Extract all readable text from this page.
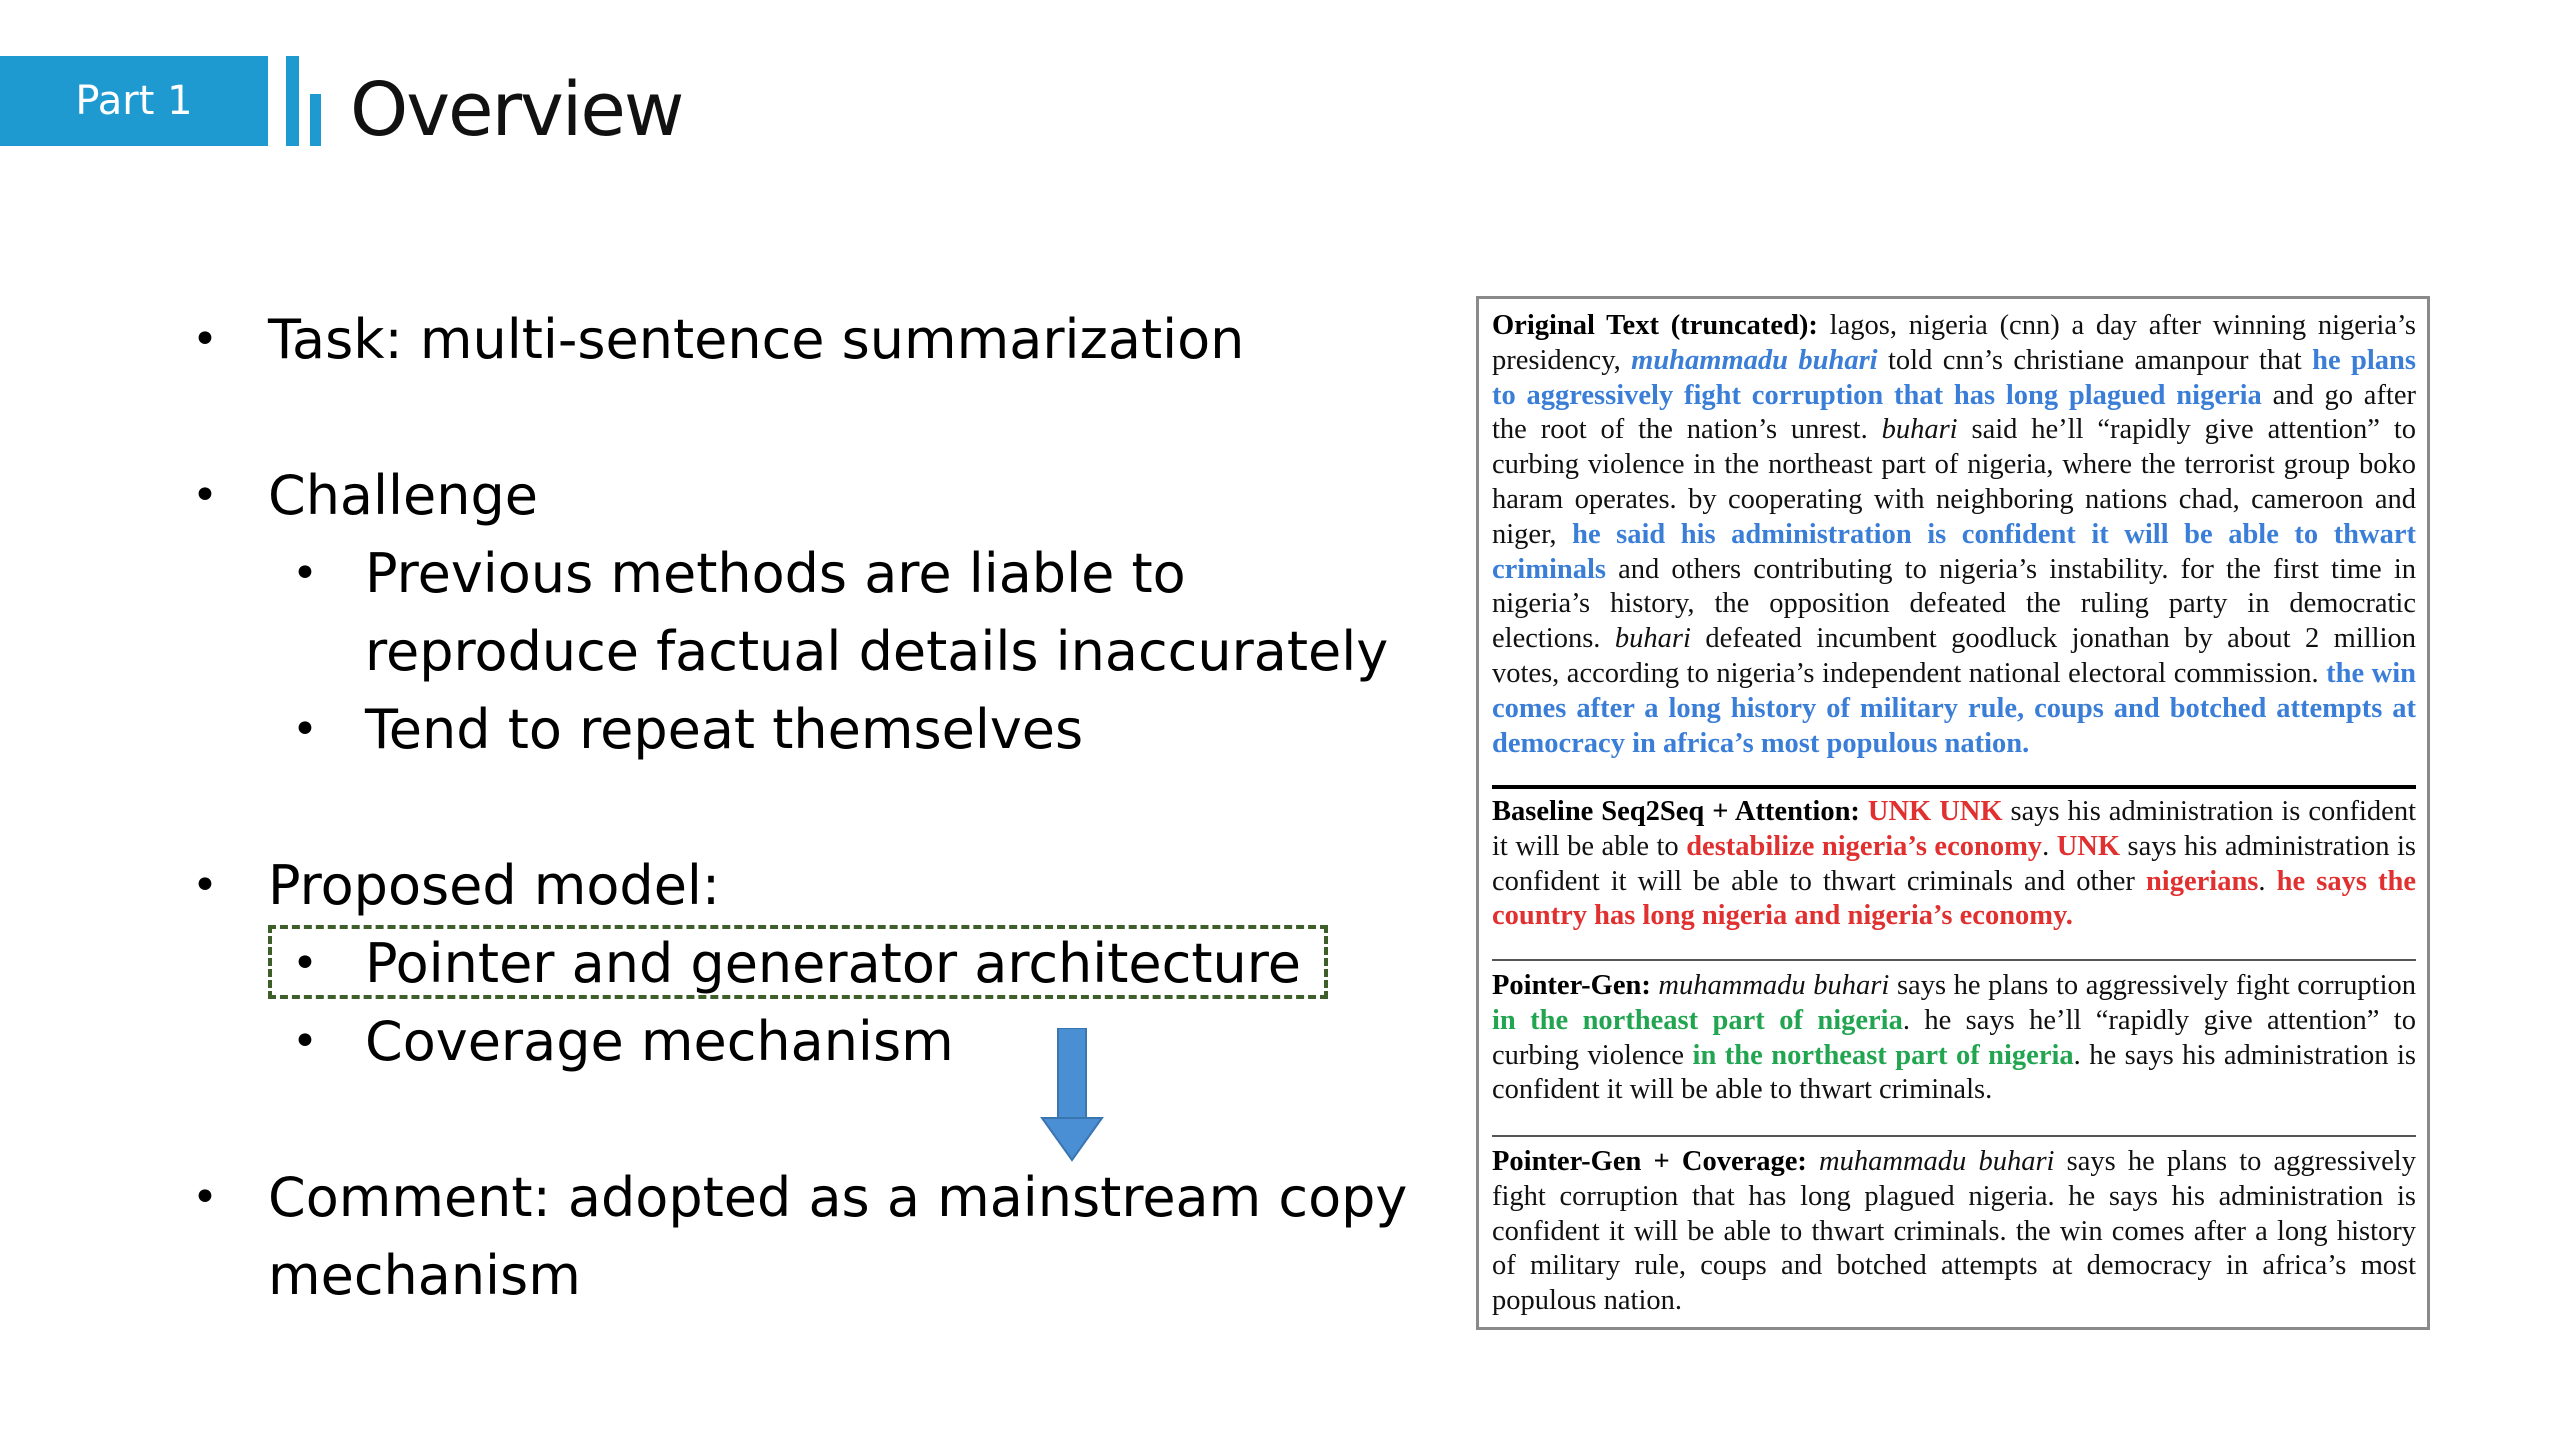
Part 1 Overview
• Task: multi-sentence summarization
• Challenge
• Previous methods are liable to
reproduce factual details inaccurately
• Tend to repeat themselves
• Proposed model:
• Pointer and generator architecture
• Coverage mechanism
• Comment: adopted as a mainstream copy
mechanism
Original Text (truncated): lagos, nigeria (cnn) a day after winning nigeria’s presidency, muhammadu buhari told cnn’s christiane amanpour that he plans to aggressively fight corruption that has long plagued nigeria and go after the root of the nation’s unrest. buhari said he’ll “rapidly give attention” to curbing violence in the northeast part of nigeria, where the terrorist group boko haram operates. by cooperating with neighboring nations chad, cameroon and niger, he said his administration is confident it will be able to thwart criminals and others contributing to nigeria’s instability. for the first time in nigeria’s history, the opposition defeated the ruling party in democratic elections. buhari defeated incumbent goodluck jonathan by about 2 million votes, according to nigeria’s independent national electoral commission. the win comes after a long history of military rule, coups and botched attempts at democracy in africa’s most populous nation.
Baseline Seq2Seq + Attention: UNK UNK says his administration is confident it will be able to destabilize nigeria’s economy. UNK says his administration is confident it will be able to thwart criminals and other nigerians. he says the country has long nigeria and nigeria’s economy.
Pointer-Gen: muhammadu buhari says he plans to aggressively fight corruption in the northeast part of nigeria. he says he’ll “rapidly give attention” to curbing violence in the northeast part of nigeria. he says his administration is confident it will be able to thwart criminals.
Pointer-Gen + Coverage: muhammadu buhari says he plans to aggressively fight corruption that has long plagued nigeria. he says his administration is confident it will be able to thwart criminals. the win comes after a long history of military rule, coups and botched attempts at democracy in africa’s most populous nation.
